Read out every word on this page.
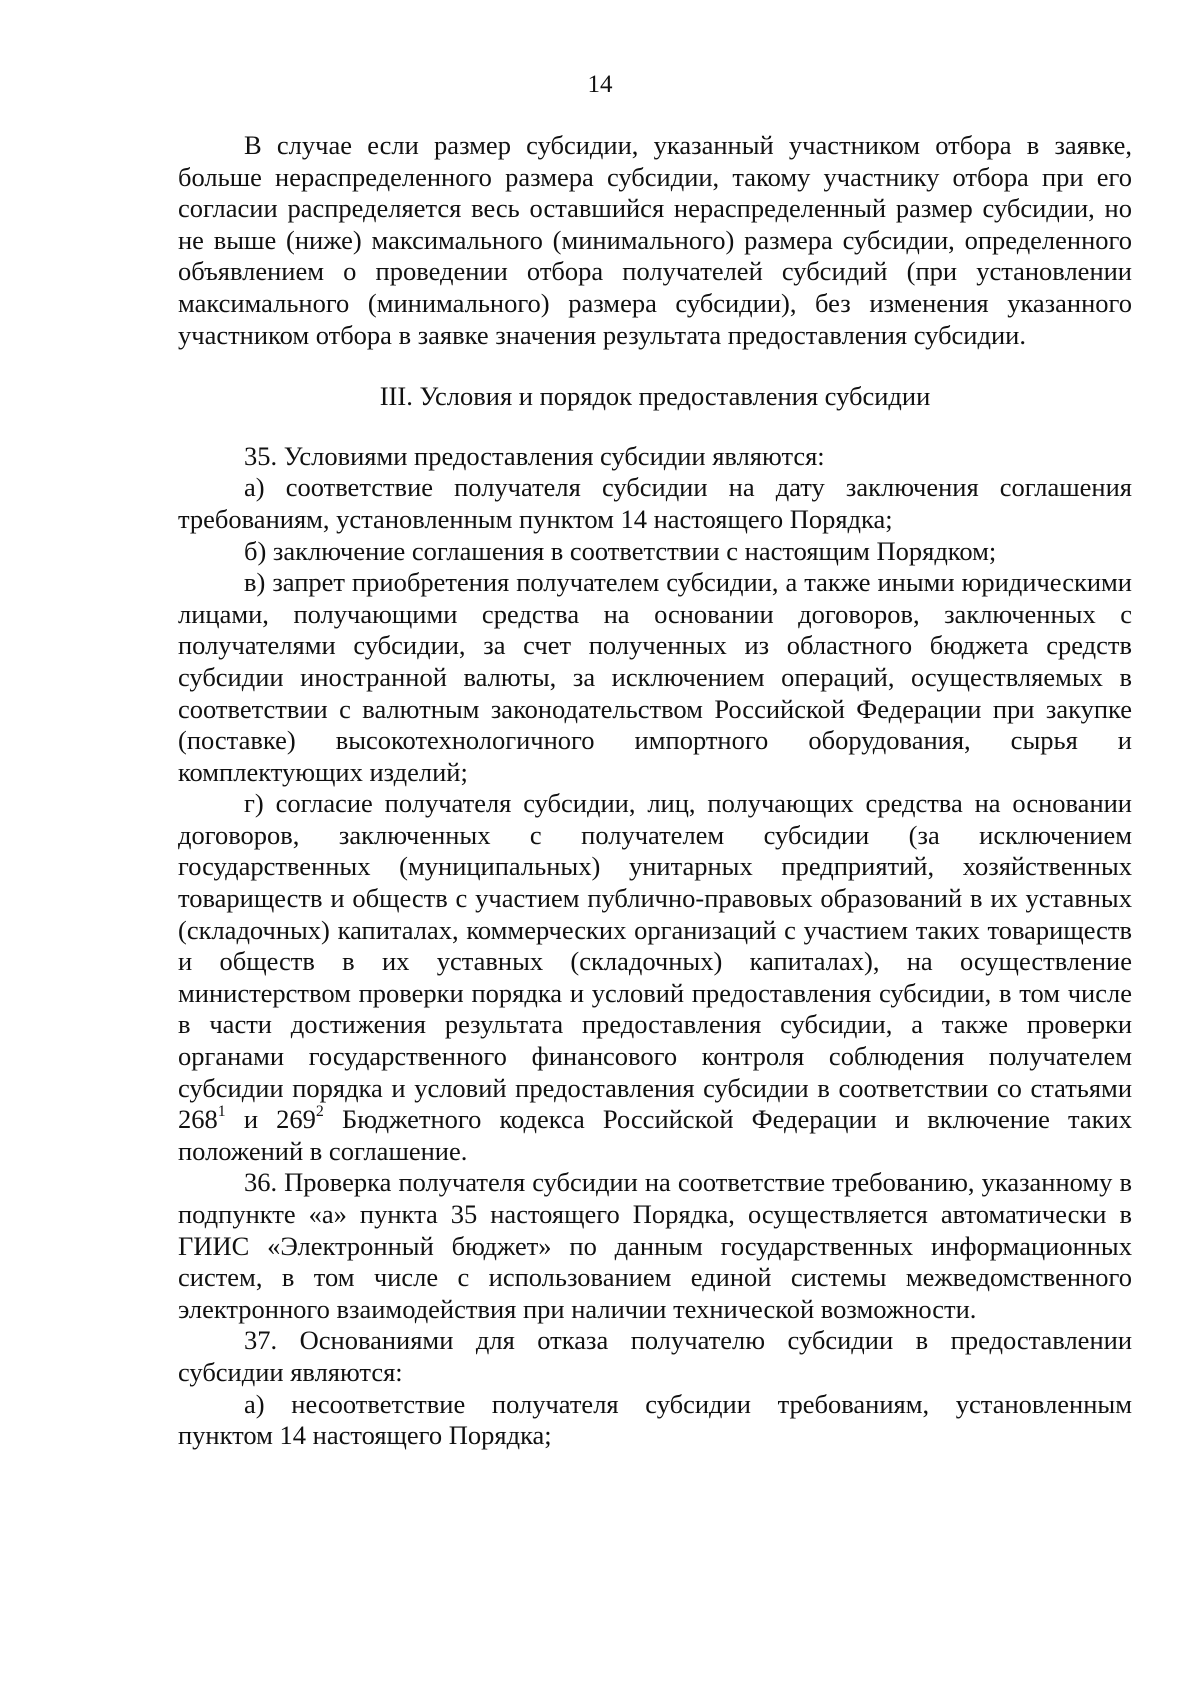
14

В случае если размер субсидии, указанный участником отбора в заявке, больше нераспределенного размера субсидии, такому участнику отбора при его согласии распределяется весь оставшийся нераспределенный размер субсидии, но не выше (ниже) максимального (минимального) размера субсидии, определенного объявлением о проведении отбора получателей субсидий (при установлении максимального (минимального) размера субсидии), без изменения указанного участником отбора в заявке значения результата предоставления субсидии.

III. Условия и порядок предоставления субсидии

35. Условиями предоставления субсидии являются:

а) соответствие получателя субсидии на дату заключения соглашения требованиям, установленным пунктом 14 настоящего Порядка;

б) заключение соглашения в соответствии с настоящим Порядком;

в) запрет приобретения получателем субсидии, а также иными юридическими лицами, получающими средства на основании договоров, заключенных с получателями субсидии, за счет полученных из областного бюджета средств субсидии иностранной валюты, за исключением операций, осуществляемых в соответствии с валютным законодательством Российской Федерации при закупке (поставке) высокотехнологичного импортного оборудования, сырья и комплектующих изделий;

г) согласие получателя субсидии, лиц, получающих средства на основании договоров, заключенных с получателем субсидии (за исключением государственных (муниципальных) унитарных предприятий, хозяйственных товариществ и обществ с участием публично-правовых образований в их уставных (складочных) капиталах, коммерческих организаций с участием таких товариществ и обществ в их уставных (складочных) капиталах), на осуществление министерством проверки порядка и условий предоставления субсидии, в том числе в части достижения результата предоставления субсидии, а также проверки органами государственного финансового контроля соблюдения получателем субсидии порядка и условий предоставления субсидии в соответствии со статьями $268^1$ и $269^2$ Бюджетного кодекса Российской Федерации и включение таких положений в соглашение.

36. Проверка получателя субсидии на соответствие требованию, указанному в подпункте «а» пункта 35 настоящего Порядка, осуществляется автоматически в ГИИС «Электронный бюджет» по данным государственных информационных систем, в том числе с использованием единой системы межведомственного электронного взаимодействия при наличии технической возможности.

37. Основаниями для отказа получателю субсидии в предоставлении субсидии являются:

а) несоответствие получателя субсидии требованиям, установленным пунктом 14 настоящего Порядка;
